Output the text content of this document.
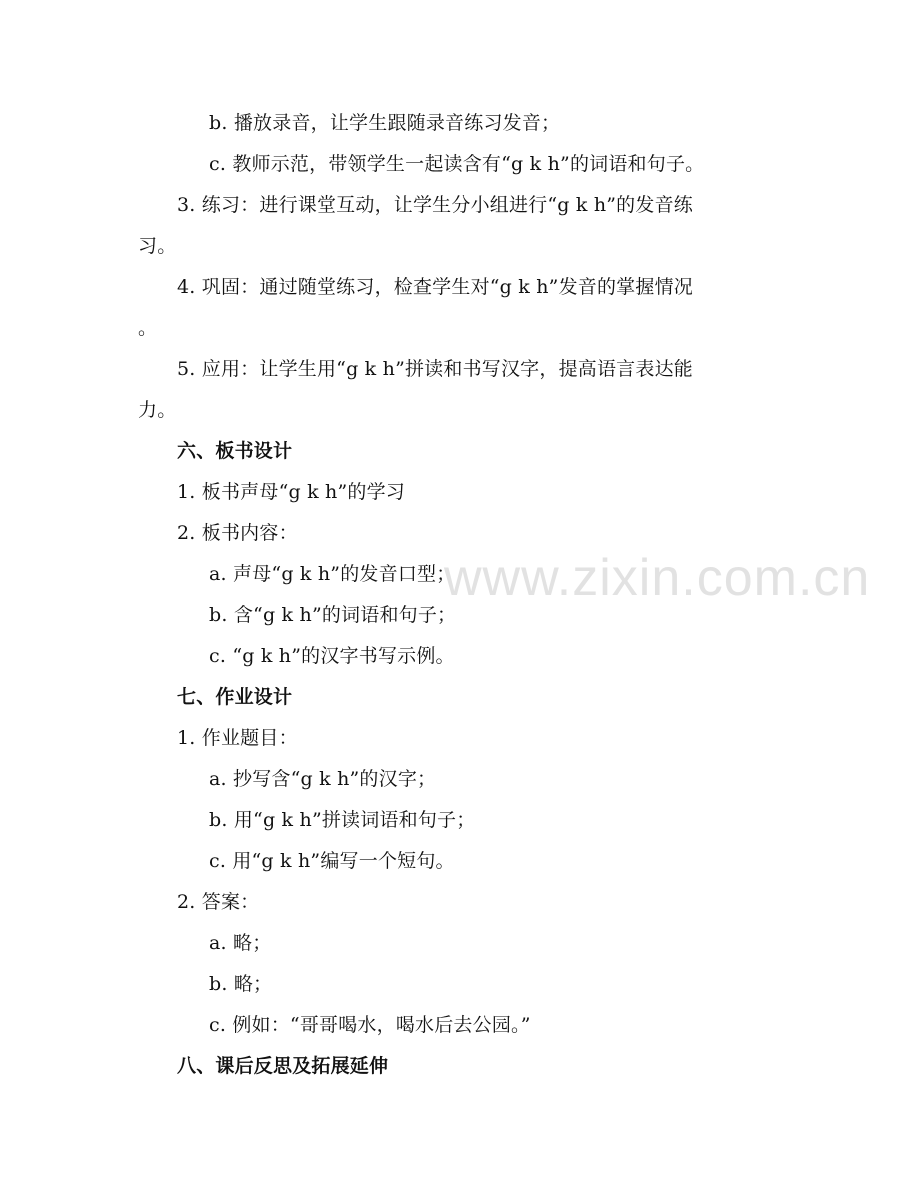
www.zixin.com.cn
b. 播放录音，让学生跟随录音练习发音；
c. 教师示范，带领学生一起读含有“g k h”的词语和句子。
3. 练习：进行课堂互动，让学生分小组进行“g k h”的发音练
习。
4. 巩固：通过随堂练习，检查学生对“g k h”发音的掌握情况
。
5. 应用：让学生用“g k h”拼读和书写汉字，提高语言表达能
力。
六、板书设计
1. 板书声母“g k h”的学习
2. 板书内容：
a. 声母“g k h”的发音口型；
b. 含“g k h”的词语和句子；
c. “g k h”的汉字书写示例。
七、作业设计
1. 作业题目：
a. 抄写含“g k h”的汉字；
b. 用“g k h”拼读词语和句子；
c. 用“g k h”编写一个短句。
2. 答案：
a. 略；
b. 略；
c. 例如：“哥哥喝水，喝水后去公园。”
八、课后反思及拓展延伸
